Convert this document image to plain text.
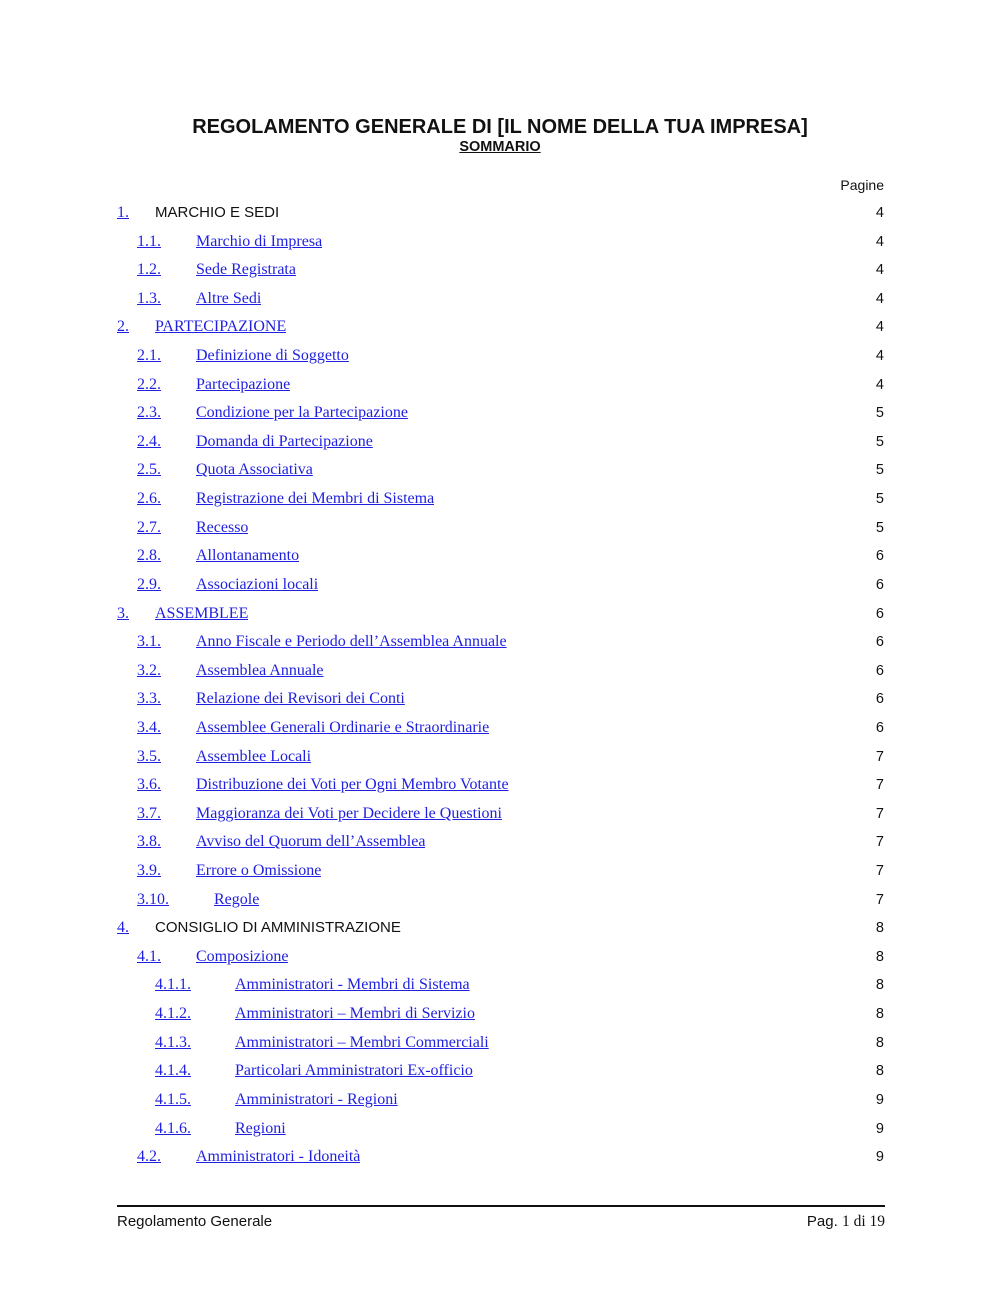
REGOLAMENTO GENERALE DI [IL NOME DELLA TUA IMPRESA]
SOMMARIO
Pagine
1.	MARCHIO E SEDI	4
1.1.	Marchio di Impresa	4
1.2.	Sede Registrata	4
1.3.	Altre Sedi	4
2.	PARTECIPAZIONE	4
2.1.	Definizione di Soggetto	4
2.2.	Partecipazione	4
2.3.	Condizione per la Partecipazione	5
2.4.	Domanda di Partecipazione	5
2.5.	Quota Associativa	5
2.6.	Registrazione dei Membri di Sistema	5
2.7.	Recesso	5
2.8.	Allontanamento	6
2.9.	Associazioni locali	6
3.	ASSEMBLEE	6
3.1.	Anno Fiscale e Periodo dell’Assemblea Annuale	6
3.2.	Assemblea Annuale	6
3.3.	Relazione dei Revisori dei Conti	6
3.4.	Assemblee Generali Ordinarie e Straordinarie	6
3.5.	Assemblee Locali	7
3.6.	Distribuzione dei Voti per Ogni Membro Votante	7
3.7.	Maggioranza dei Voti per Decidere le Questioni	7
3.8.	Avviso del Quorum dell’Assemblea	7
3.9.	Errore o Omissione	7
3.10.	Regole	7
4.	CONSIGLIO DI AMMINISTRAZIONE	8
4.1.	Composizione	8
4.1.1.	Amministratori - Membri di Sistema	8
4.1.2.	Amministratori – Membri di Servizio	8
4.1.3.	Amministratori – Membri Commerciali	8
4.1.4.	Particolari Amministratori Ex-officio	8
4.1.5.	Amministratori - Regioni	9
4.1.6.	Regioni	9
4.2.	Amministratori - Idoneità	9
Regolamento Generale	Pag. 1 di 19
